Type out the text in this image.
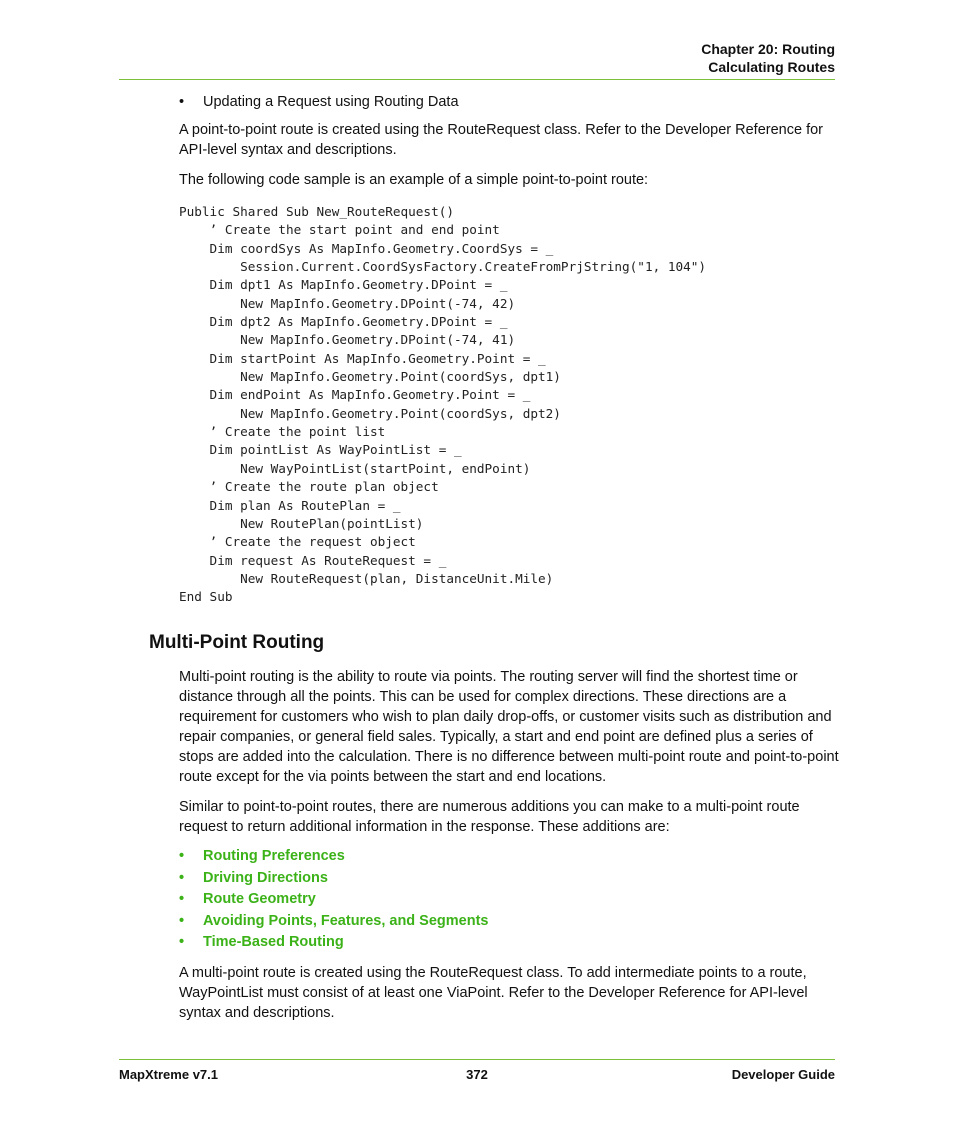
Chapter 20: Routing
Calculating Routes
• Updating a Request using Routing Data

A point-to-point route is created using the RouteRequest class. Refer to the Developer Reference for API-level syntax and descriptions.

The following code sample is an example of a simple point-to-point route:

Public Shared Sub New_RouteRequest()
’ Create the start point and end point
Dim coordSys As MapInfo.Geometry.CoordSys = _
Session.Current.CoordSysFactory.CreateFromPrjString("1, 104")
Dim dpt1 As MapInfo.Geometry.DPoint = _
New MapInfo.Geometry.DPoint(-74, 42)
Dim dpt2 As MapInfo.Geometry.DPoint = _
New MapInfo.Geometry.DPoint(-74, 41)
Dim startPoint As MapInfo.Geometry.Point = _
New MapInfo.Geometry.Point(coordSys, dpt1)
Dim endPoint As MapInfo.Geometry.Point = _
New MapInfo.Geometry.Point(coordSys, dpt2)
’ Create the point list
Dim pointList As WayPointList = _
New WayPointList(startPoint, endPoint)
’ Create the route plan object
Dim plan As RoutePlan = _
New RoutePlan(pointList)
’ Create the request object
Dim request As RouteRequest = _
New RouteRequest(plan, DistanceUnit.Mile)
End Sub
Multi-Point Routing

Multi-point routing is the ability to route via points. The routing server will find the shortest time or distance through all the points. This can be used for complex directions. These directions are a requirement for customers who wish to plan daily drop-offs, or customer visits such as distribution and repair companies, or general field sales. Typically, a start and end point are defined plus a series of stops are added into the calculation. There is no difference between multi-point route and point-to-point route except for the via points between the start and end locations.

Similar to point-to-point routes, there are numerous additions you can make to a multi-point route request to return additional information in the response. These additions are:

• Routing Preferences
• Driving Directions
• Route Geometry
• Avoiding Points, Features, and Segments
• Time-Based Routing

A multi-point route is created using the RouteRequest class. To add intermediate points to a route, WayPointList must consist of at least one ViaPoint. Refer to the Developer Reference for API-level syntax and descriptions.

MapXtreme v7.1	372	Developer Guide
